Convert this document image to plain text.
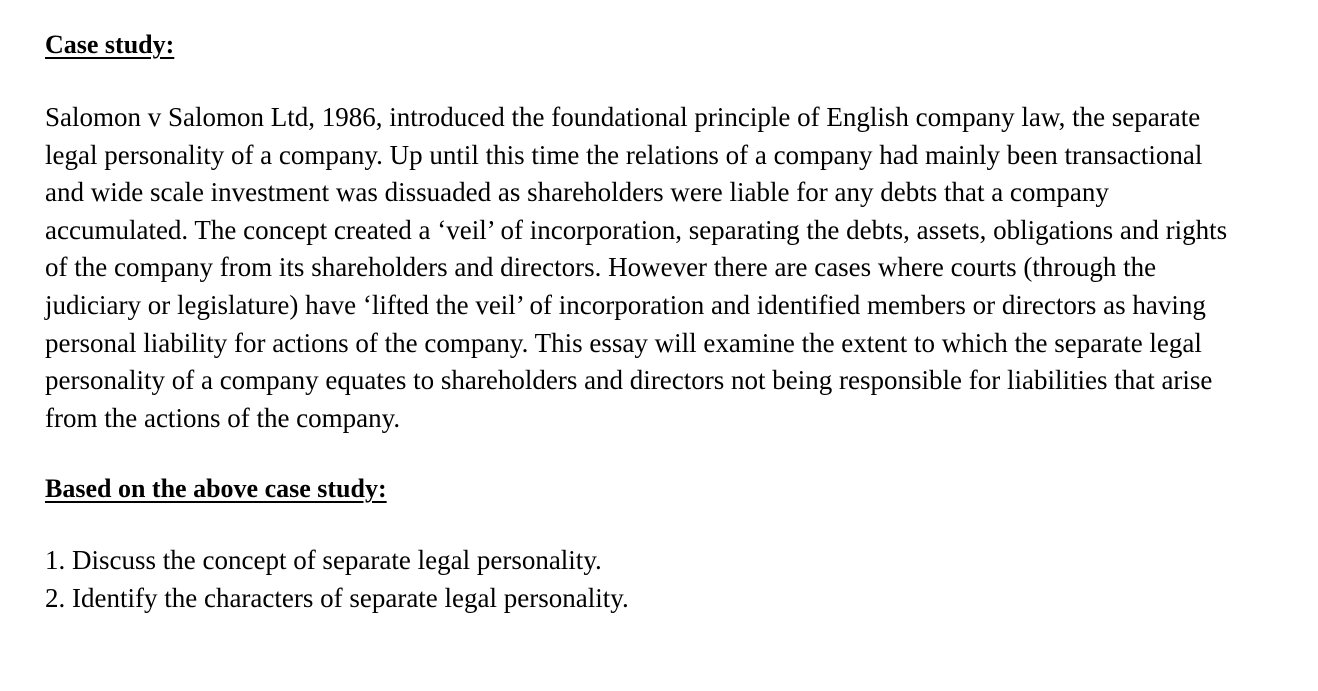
Case study:

Salomon v Salomon Ltd, 1986, introduced the foundational principle of English company law, the separate legal personality of a company. Up until this time the relations of a company had mainly been transactional and wide scale investment was dissuaded as shareholders were liable for any debts that a company accumulated. The concept created a ‘veil’ of incorporation, separating the debts, assets, obligations and rights of the company from its shareholders and directors. However there are cases where courts (through the judiciary or legislature) have ‘lifted the veil’ of incorporation and identified members or directors as having personal liability for actions of the company. This essay will examine the extent to which the separate legal personality of a company equates to shareholders and directors not being responsible for liabilities that arise from the actions of the company.

Based on the above case study:
1. Discuss the concept of separate legal personality.
2. Identify the characters of separate legal personality.
